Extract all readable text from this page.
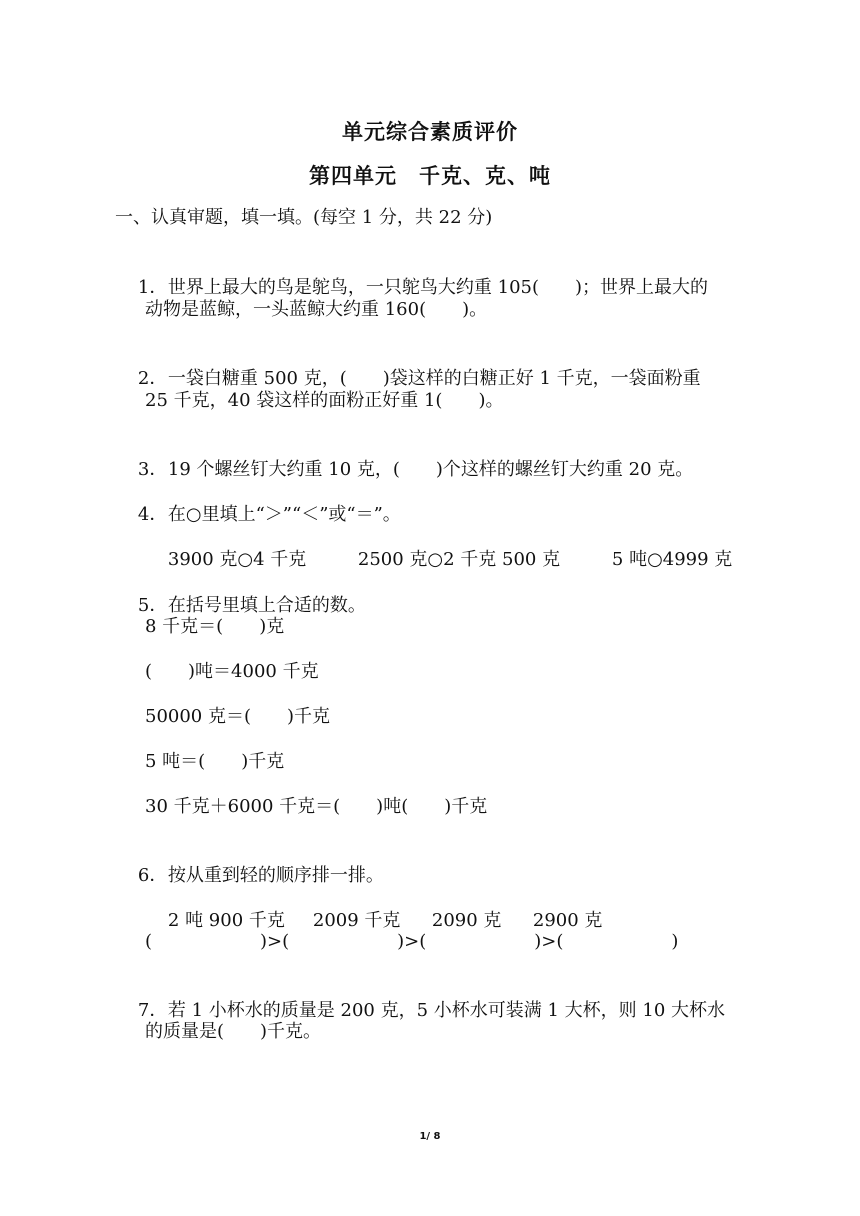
单元综合素质评价
第四单元　千克、克、吨
一、认真审题，填一填。(每空 1 分，共 22 分)

1．世界上最大的鸟是鸵鸟，一只鸵鸟大约重 105(　　)；世界上最大的

动物是蓝鲸，一头蓝鲸大约重 160(　　)。

2．一袋白糖重 500 克，(　　)袋这样的白糖正好 1 千克，一袋面粉重

25 千克，40 袋这样的面粉正好重 1(　　)。

3．19 个螺丝钉大约重 10 克，(　　)个这样的螺丝钉大约重 20 克。

4．在○里填上“＞”“＜”或“＝”。

3900 克○4 千克	2500 克○2 千克 500 克	5 吨○4999 克

5．在括号里填上合适的数。

8 千克＝(　　)克
(　　)吨＝4000 千克
50000 克＝(　　)千克
5 吨＝(　　)千克
30 千克＋6000 千克＝(　　)吨(　　)千克

6．按从重到轻的顺序排一排。

2 吨 900 千克 2009 千克 2090 克 2900 克

(　　　　　　)>(　　　　　　)>(　　　　　　)>(　　　　　　)

7．若 1 小杯水的质量是 200 克，5 小杯水可装满 1 大杯，则 10 大杯水

的质量是(　　)千克。
1/ 8
